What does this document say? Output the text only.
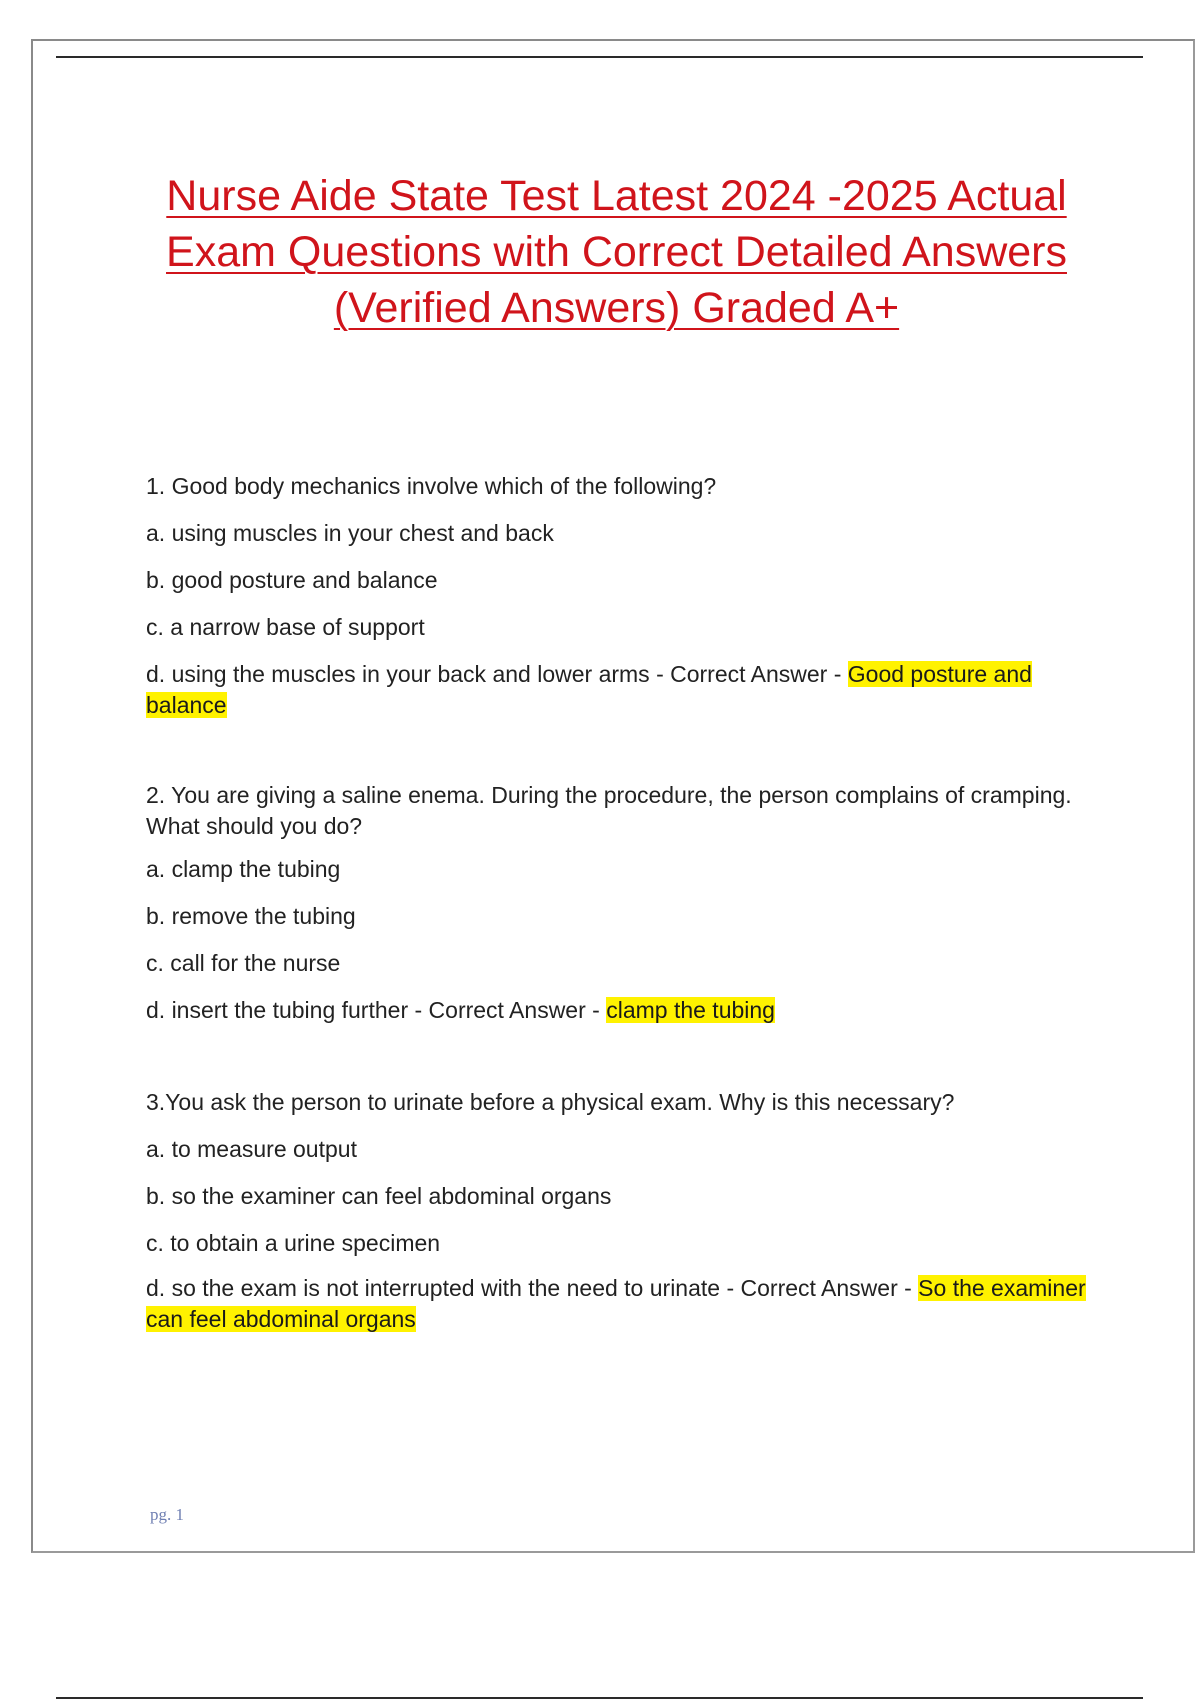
Nurse Aide State Test Latest 2024 -2025 Actual
Exam Questions with Correct Detailed Answers
(Verified Answers) Graded A+

1. Good body mechanics involve which of the following?

a. using muscles in your chest and back

b. good posture and balance

c. a narrow base of support

d. using the muscles in your back and lower arms - Correct Answer - Good posture and balance

2. You are giving a saline enema. During the procedure, the person complains of cramping. What should you do?

a. clamp the tubing

b. remove the tubing

c. call for the nurse

d. insert the tubing further - Correct Answer - clamp the tubing

3.You ask the person to urinate before a physical exam. Why is this necessary?

a. to measure output

b. so the examiner can feel abdominal organs

c. to obtain a urine specimen

d. so the exam is not interrupted with the need to urinate - Correct Answer - So the examiner can feel abdominal organs

pg. 1
